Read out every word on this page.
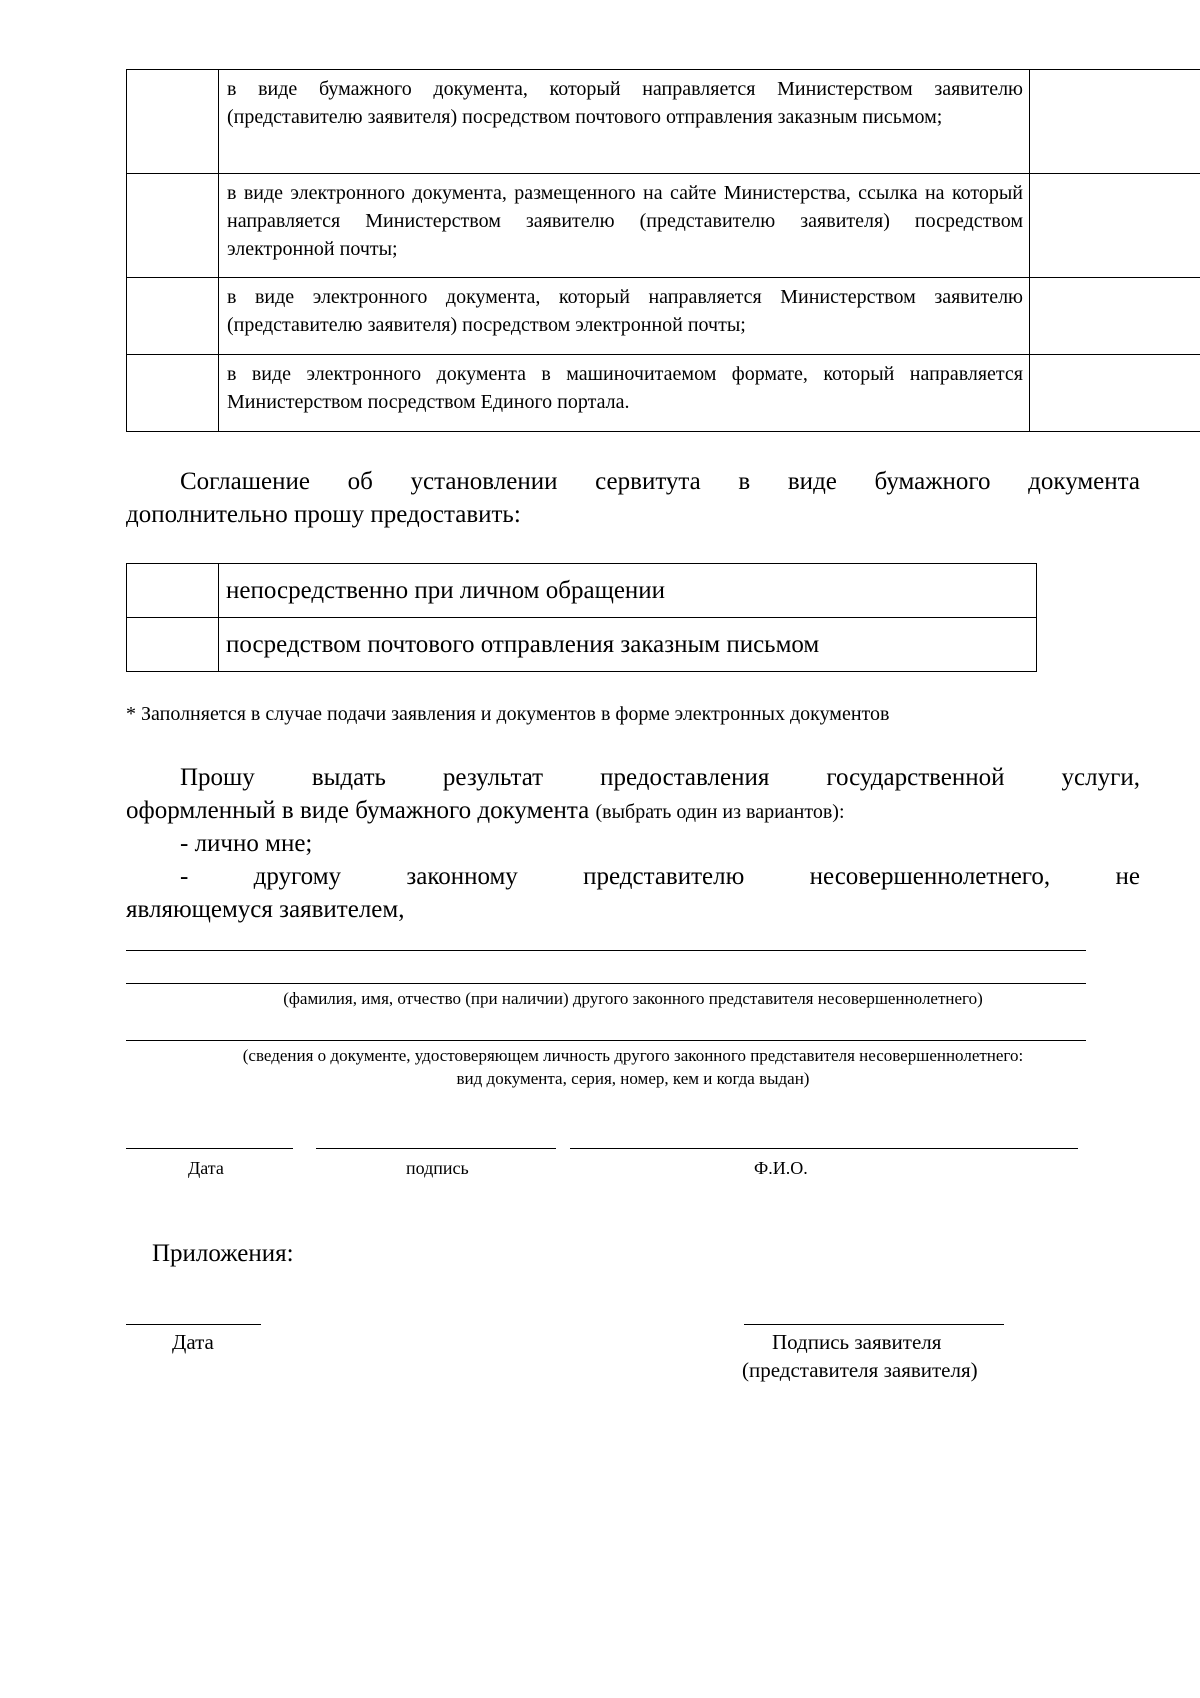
	в виде бумажного документа, который направляется Министерством заявителю (представителю заявителя) посредством почтового отправления заказным письмом;	

	в виде электронного документа, размещенного на сайте Министерства, ссылка на который направляется Министерством заявителю (представителю заявителя) посредством электронной почты;	

	в виде электронного документа, который направляется Министерством заявителю (представителю заявителя) посредством электронной почты;	

	в виде электронного документа в машиночитаемом формате, который направляется Министерством посредством Единого портала.	

Соглашение об установлении сервитута в виде бумажного документа
дополнительно прошу предоставить:
	непосредственно при личном обращении
	посредством почтового отправления заказным письмом
* Заполняется в случае подачи заявления и документов в форме электронных документов
Прошу выдать результат предоставления государственной услуги,
оформленный в виде бумажного документа (выбрать один из вариантов):
- лично мне;
- другому законному представителю несовершеннолетнего, не
являющемуся заявителем,
(фамилия, имя, отчество (при наличии) другого законного представителя несовершеннолетнего)
(сведения о документе, удостоверяющем личность другого законного представителя несовершеннолетнего:
вид документа, серия, номер, кем и когда выдан)
Дата	подпись	Ф.И.О.
Приложения:
Дата	Подпись заявителя
(представителя заявителя)
